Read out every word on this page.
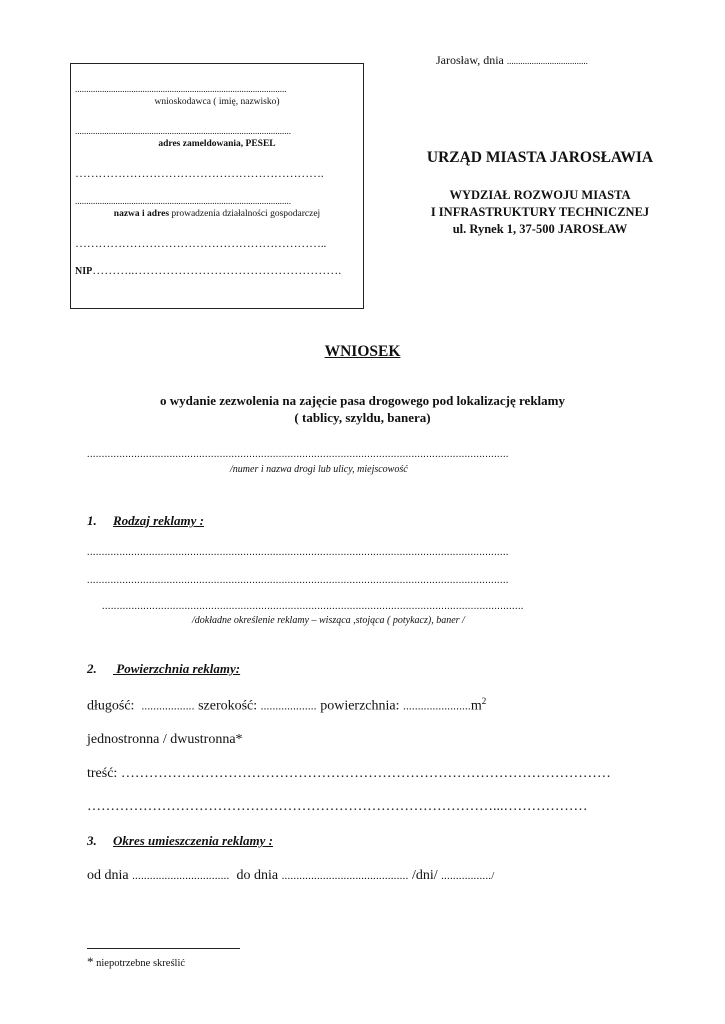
Jarosław, dnia ....................................
..............................................................................................
wnioskodawca ( imię, nazwisko)
................................................................................................
adres zameldowania, PESEL
……………………………………………………….
................................................................................................
nazwa i adres prowadzenia działalności gospodarczej
………………………………………………………..
NIP………..…………………………………………….
URZĄD MIASTA JAROSŁAWIA
WYDZIAŁ ROZWOJU MIASTA
I INFRASTRUKTURY TECHNICZNEJ
ul. Rynek 1, 37-500 JAROSŁAW
WNIOSEK
o wydanie zezwolenia na zajęcie pasa drogowego pod lokalizację reklamy
( tablicy, szyldu, banera)
...............................................................................................................................................
/numer i nazwa drogi lub ulicy, miejscowość
1. Rodzaj reklamy :
...............................................................................................................................................
...............................................................................................................................................
...............................................................................................................................................
/dokładne określenie reklamy – wisząca ,stojąca ( potykacz), baner /
2. Powierzchnia reklamy:
długość: .................. szerokość: ................... powierzchnia: $.......................m^2$
jednostronna / dwustronna*
treść: ……………………………………………………………………………………………
……………………………………………………………………………...………………
3. Okres umieszczenia reklamy :
od dnia ................................. do dnia ........................................... /dni/ ................./
* niepotrzebne skreślić
